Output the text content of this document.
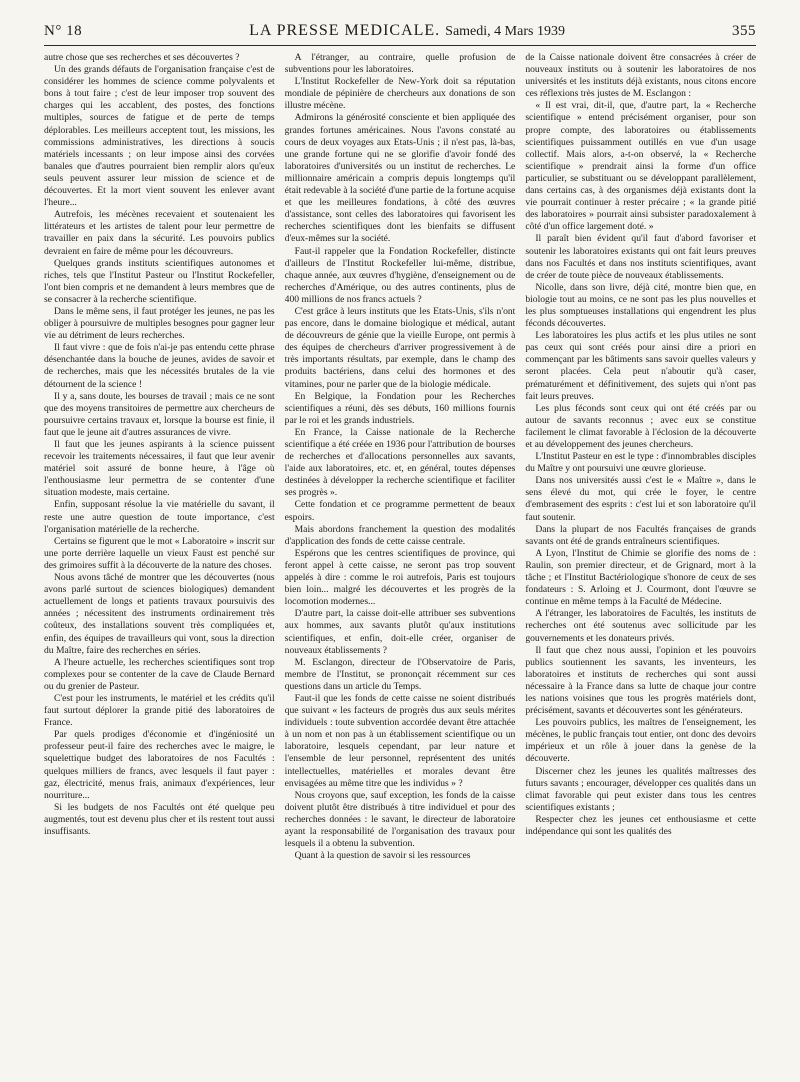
N° 18	LA PRESSE MEDICALE. Samedi, 4 Mars 1939	355

autre chose que ses recherches et ses découvertes ?

Un des grands défauts de l'organisation française c'est de considérer les hommes de science comme polyvalents et bons à tout faire ; c'est de leur imposer trop souvent des charges qui les accablent, des postes, des fonctions multiples, sources de fatigue et de perte de temps déplorables. Les meilleurs acceptent tout, les missions, les commissions administratives, les directions à soucis matériels incessants ; on leur impose ainsi des corvées banales que d'autres pourraient bien remplir alors qu'eux seuls peuvent assurer leur mission de science et de découvertes. Et la mort vient souvent les enlever avant l'heure...

Autrefois, les mécènes recevaient et soutenaient les littérateurs et les artistes de talent pour leur permettre de travailler en paix dans la sécurité. Les pouvoirs publics devraient en faire de même pour les découvreurs.

Quelques grands instituts scientifiques autonomes et riches, tels que l'Institut Pasteur ou l'Institut Rockefeller, l'ont bien compris et ne demandent à leurs membres que de se consacrer à la recherche scientifique.

Dans le même sens, il faut protéger les jeunes, ne pas les obliger à poursuivre de multiples besognes pour gagner leur vie au détriment de leurs recherches.

Il faut vivre : que de fois n'ai-je pas entendu cette phrase désenchantée dans la bouche de jeunes, avides de savoir et de recherches, mais que les nécessités brutales de la vie détournent de la science !

Il y a, sans doute, les bourses de travail ; mais ce ne sont que des moyens transitoires de permettre aux chercheurs de poursuivre certains travaux et, lorsque la bourse est finie, il faut que le jeune ait d'autres assurances de vivre.

Il faut que les jeunes aspirants à la science puissent recevoir les traitements nécessaires, il faut que leur avenir matériel soit assuré de bonne heure, à l'âge où l'enthousiasme leur permettra de se contenter d'une situation modeste, mais certaine.

Enfin, supposant résolue la vie matérielle du savant, il reste une autre question de toute importance, c'est l'organisation matérielle de la recherche.

Certains se figurent que le mot « Laboratoire » inscrit sur une porte derrière laquelle un vieux Faust est penché sur des grimoires suffit à la découverte de la nature des choses.

Nous avons tâché de montrer que les découvertes (nous avons parlé surtout de sciences biologiques) demandent actuellement de longs et patients travaux poursuivis des années ; nécessitent des instruments ordinairement très coûteux, des installations souvent très compliquées et, enfin, des équipes de travailleurs qui vont, sous la direction du Maître, faire des recherches en séries.

A l'heure actuelle, les recherches scientifiques sont trop complexes pour se contenter de la cave de Claude Bernard ou du grenier de Pasteur.

C'est pour les instruments, le matériel et les crédits qu'il faut surtout déplorer la grande pitié des laboratoires de France.

Par quels prodiges d'économie et d'ingéniosité un professeur peut-il faire des recherches avec le maigre, le squelettique budget des laboratoires de nos Facultés : quelques milliers de francs, avec lesquels il faut payer : gaz, électricité, menus frais, animaux d'expériences, leur nourriture...

Si les budgets de nos Facultés ont été quelque peu augmentés, tout est devenu plus cher et ils restent tout aussi insuffisants.

A l'étranger, au contraire, quelle profusion de subventions pour les laboratoires.

L'Institut Rockefeller de New-York doit sa réputation mondiale de pépinière de chercheurs aux donations de son illustre mécène.

Admirons la générosité consciente et bien appliquée des grandes fortunes américaines. Nous l'avons constaté au cours de deux voyages aux Etats-Unis ; il n'est pas, là-bas, une grande fortune qui ne se glorifie d'avoir fondé des laboratoires d'universités ou un institut de recherches. Le millionnaire américain a compris depuis longtemps qu'il était redevable à la société d'une partie de la fortune acquise et que les meilleures fondations, à côté des œuvres d'assistance, sont celles des laboratoires qui favorisent les recherches scientifiques dont les bienfaits se diffusent d'eux-mêmes sur la société.

Faut-il rappeler que la Fondation Rockefeller, distincte d'ailleurs de l'Institut Rockefeller lui-même, distribue, chaque année, aux œuvres d'hygiène, d'enseignement ou de recherches d'Amérique, ou des autres continents, plus de 400 millions de nos francs actuels ?

C'est grâce à leurs instituts que les Etats-Unis, s'ils n'ont pas encore, dans le domaine biologique et médical, autant de découvreurs de génie que la vieille Europe, ont permis à des équipes de chercheurs d'arriver progressivement à de très importants résultats, par exemple, dans le champ des produits bactériens, dans celui des hormones et des vitamines, pour ne parler que de la biologie médicale.

En Belgique, la Fondation pour les Recherches scientifiques a réuni, dès ses débuts, 160 millions fournis par le roi et les grands industriels.

En France, la Caisse nationale de la Recherche scientifique a été créée en 1936 pour l'attribution de bourses de recherches et d'allocations personnelles aux savants, l'aide aux laboratoires, etc. et, en général, toutes dépenses destinées à développer la recherche scientifique et faciliter ses progrès ».

Cette fondation et ce programme permettent de beaux espoirs.

Mais abordons franchement la question des modalités d'application des fonds de cette caisse centrale.

Espérons que les centres scientifiques de province, qui feront appel à cette caisse, ne seront pas trop souvent appelés à dire : comme le roi autrefois, Paris est toujours bien loin... malgré les découvertes et les progrès de la locomotion modernes...

D'autre part, la caisse doit-elle attribuer ses subventions aux hommes, aux savants plutôt qu'aux institutions scientifiques, et enfin, doit-elle créer, organiser de nouveaux établissements ?

M. Esclangon, directeur de l'Observatoire de Paris, membre de l'Institut, se prononçait récemment sur ces questions dans un article du Temps.

Faut-il que les fonds de cette caisse ne soient distribués que suivant « les facteurs de progrès dus aux seuls mérites individuels : toute subvention accordée devant être attachée à un nom et non pas à un établissement scientifique ou un laboratoire, lesquels cependant, par leur nature et l'ensemble de leur personnel, représentent des unités intellectuelles, matérielles et morales devant être envisagées au même titre que les individus » ?

Nous croyons que, sauf exception, les fonds de la caisse doivent plutôt être distribués à titre individuel et pour des recherches données : le savant, le directeur de laboratoire ayant la responsabilité de l'organisation des travaux pour lesquels il a obtenu la subvention.

Quant à la question de savoir si les ressources

de la Caisse nationale doivent être consacrées à créer de nouveaux instituts ou à soutenir les laboratoires de nos universités et les instituts déjà existants, nous citons encore ces réflexions très justes de M. Esclangon :

« Il est vrai, dit-il, que, d'autre part, la « Recherche scientifique » entend précisément organiser, pour son propre compte, des laboratoires ou établissements scientifiques puissamment outillés en vue d'un usage collectif. Mais alors, a-t-on observé, la « Recherche scientifique » prendrait ainsi la forme d'un office particulier, se substituant ou se développant parallèlement, dans certains cas, à des organismes déjà existants dont la vie pourrait continuer à rester précaire ; « la grande pitié des laboratoires » pourrait ainsi subsister paradoxalement à côté d'un office largement doté. »

Il paraît bien évident qu'il faut d'abord favoriser et soutenir les laboratoires existants qui ont fait leurs preuves dans nos Facultés et dans nos instituts scientifiques, avant de créer de toute pièce de nouveaux établissements.

Nicolle, dans son livre, déjà cité, montre bien que, en biologie tout au moins, ce ne sont pas les plus nouvelles et les plus somptueuses installations qui engendrent les plus féconds découvertes.

Les laboratoires les plus actifs et les plus utiles ne sont pas ceux qui sont créés pour ainsi dire a priori en commençant par les bâtiments sans savoir quelles valeurs y seront placées. Cela peut n'aboutir qu'à caser, prématurément et définitivement, des sujets qui n'ont pas fait leurs preuves.

Les plus féconds sont ceux qui ont été créés par ou autour de savants reconnus ; avec eux se constitue facilement le climat favorable à l'éclosion de la découverte et au développement des jeunes chercheurs.

L'Institut Pasteur en est le type : d'innombrables disciples du Maître y ont poursuivi une œuvre glorieuse.

Dans nos universités aussi c'est le « Maître », dans le sens élevé du mot, qui crée le foyer, le centre d'embrasement des esprits : c'est lui et son laboratoire qu'il faut soutenir.

Dans la plupart de nos Facultés françaises de grands savants ont été de grands entraîneurs scientifiques.

A Lyon, l'Institut de Chimie se glorifie des noms de : Raulin, son premier directeur, et de Grignard, mort à la tâche ; et l'Institut Bactériologique s'honore de ceux de ses fondateurs : S. Arloing et J. Courmont, dont l'œuvre se continue en même temps à la Faculté de Médecine.

A l'étranger, les laboratoires de Facultés, les instituts de recherches ont été soutenus avec sollicitude par les gouvernements et les donateurs privés.

Il faut que chez nous aussi, l'opinion et les pouvoirs publics soutiennent les savants, les inventeurs, les laboratoires et instituts de recherches qui sont aussi nécessaire à la France dans sa lutte de chaque jour contre les nations voisines que tous les progrès matériels dont, précisément, savants et découvertes sont les générateurs.

Les pouvoirs publics, les maîtres de l'enseignement, les mécènes, le public français tout entier, ont donc des devoirs impérieux et un rôle à jouer dans la genèse de la découverte.

Discerner chez les jeunes les qualités maîtresses des futurs savants ; encourager, développer ces qualités dans un climat favorable qui peut exister dans tous les centres scientifiques existants ;

Respecter chez les jeunes cet enthousiasme et cette indépendance qui sont les qualités des
